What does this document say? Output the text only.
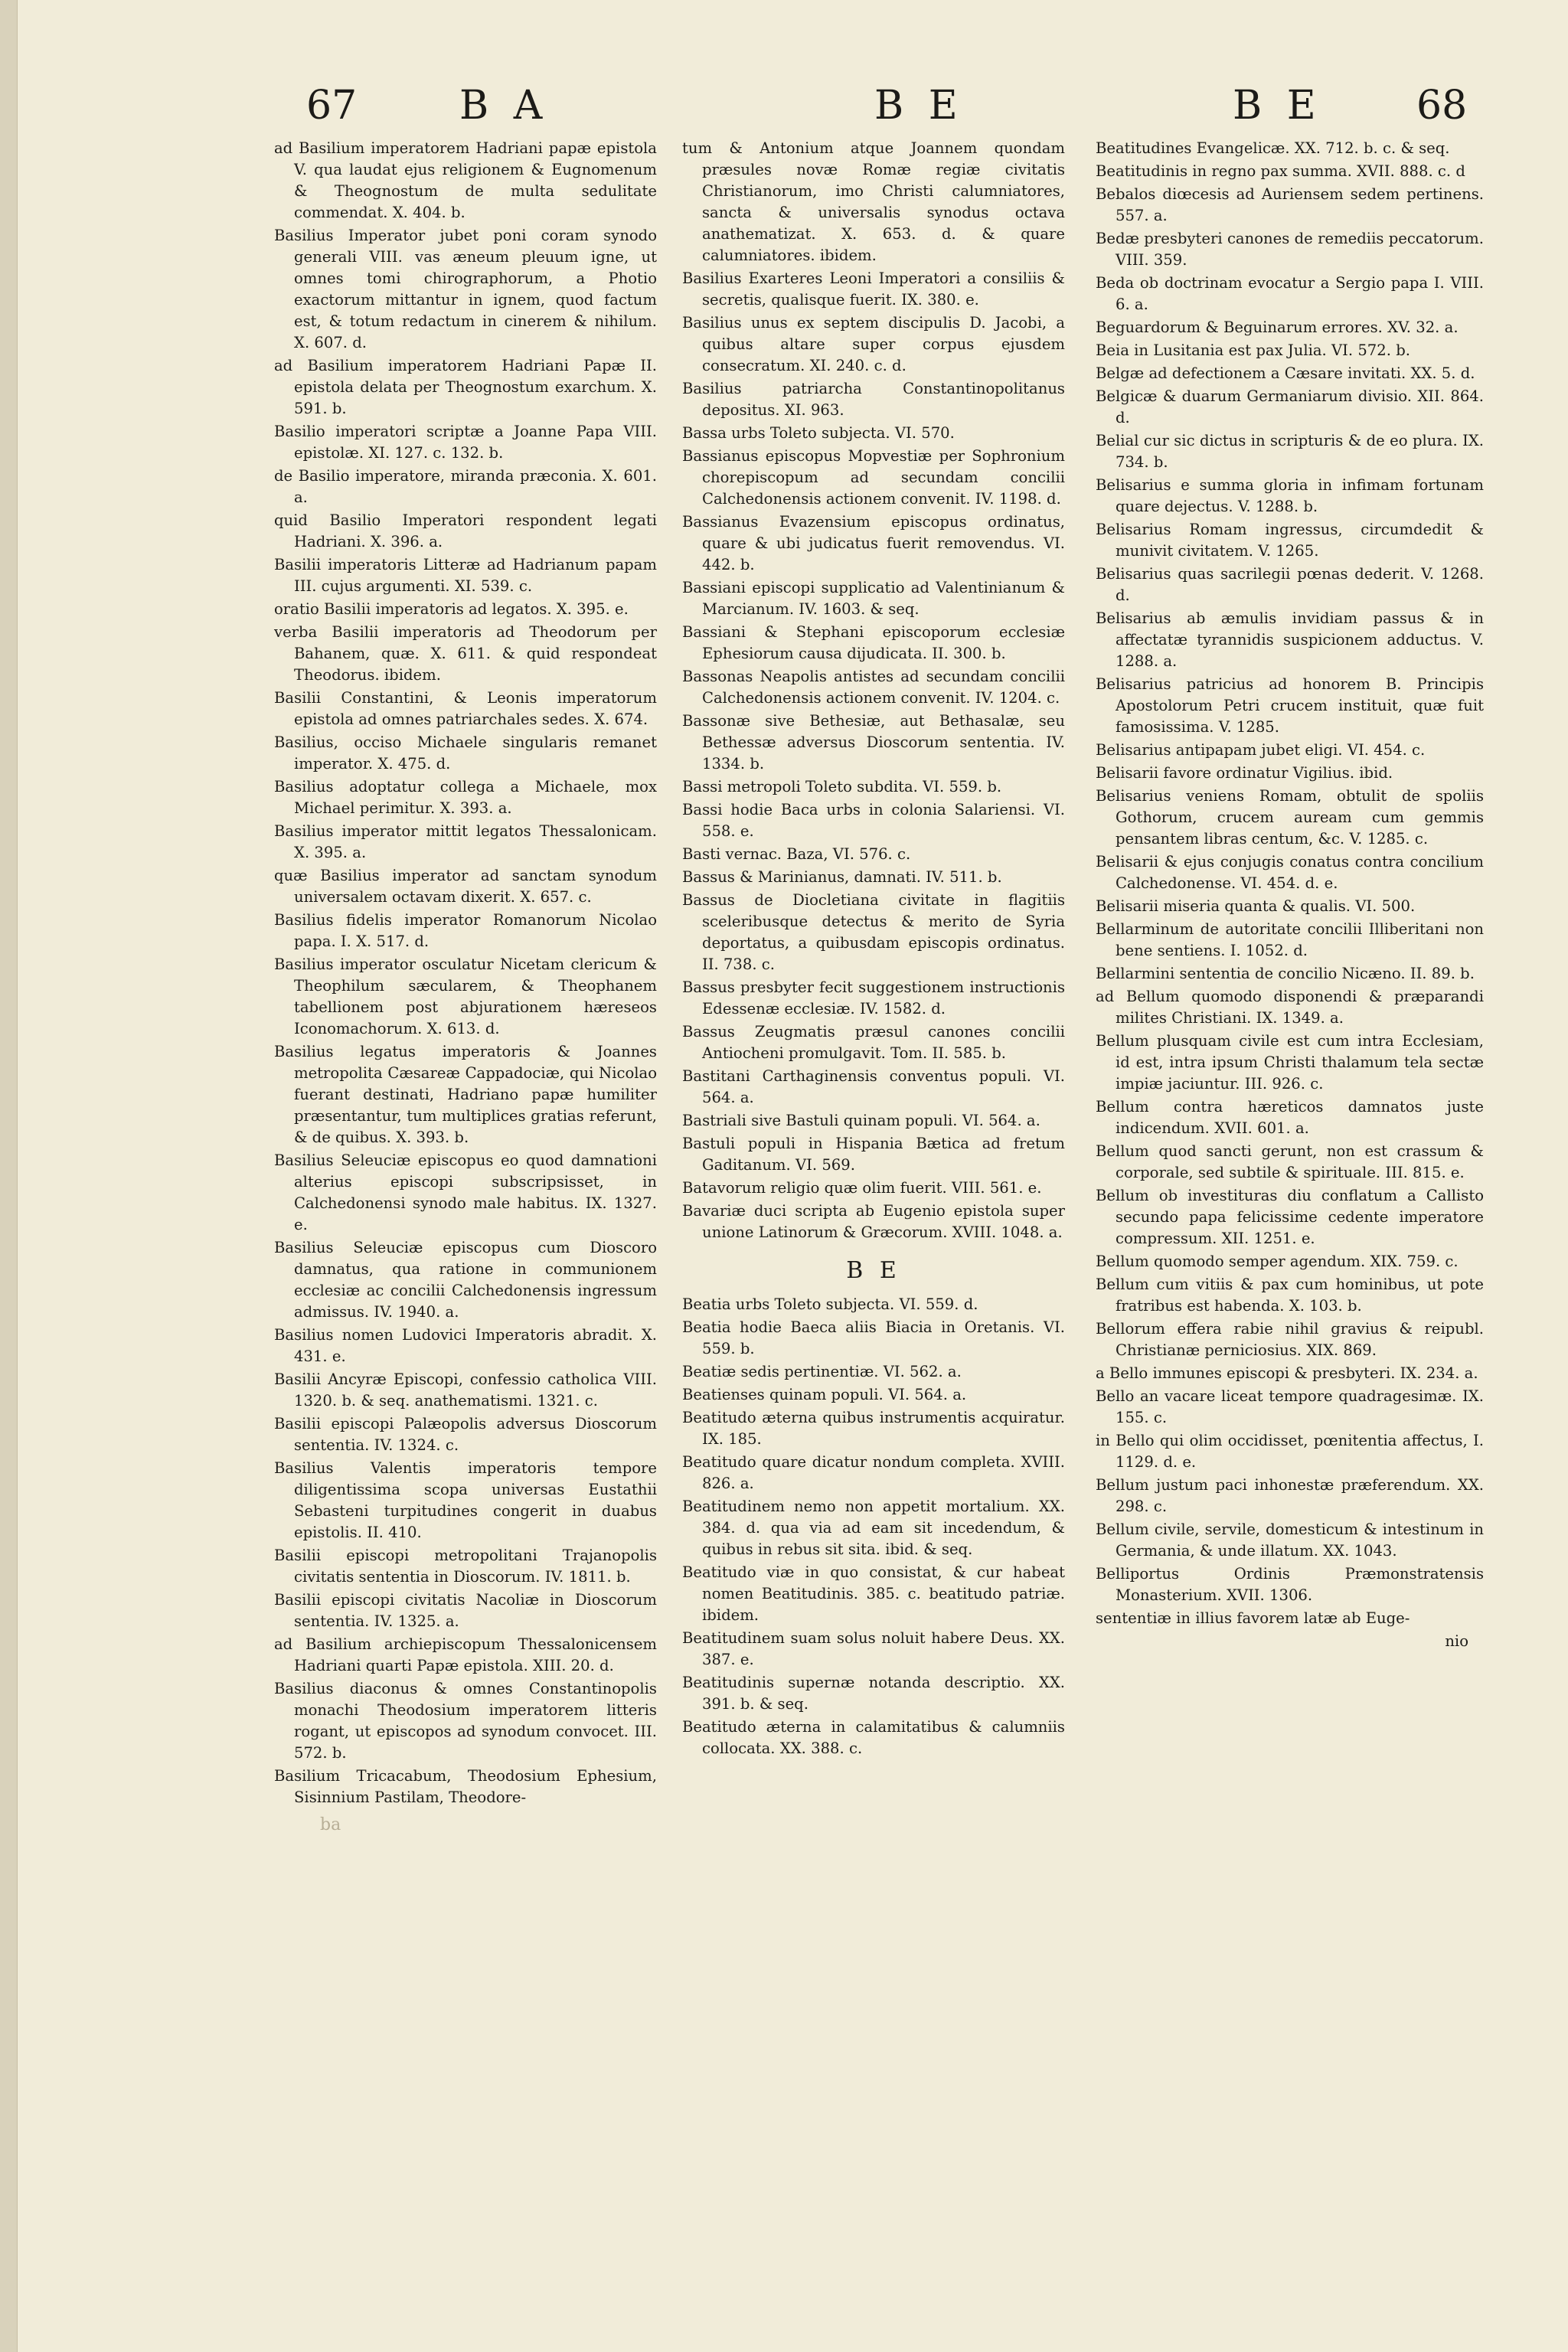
67	B A	B E	B E 68

ad Basilium imperatorem Hadriani papæ epistola V. qua laudat ejus religionem & Eugnomenum & Theognostum de multa sedulitate commendat. X. 404. b.

Basilius Imperator jubet poni coram synodo generali VIII. vas æneum pleuum igne, ut omnes tomi chirographorum, a Photio exactorum mittantur in ignem, quod factum est, & totum redactum in cinerem & nihilum. X. 607. d.

ad Basilium imperatorem Hadriani Papæ II. epistola delata per Theognostum exarchum. X. 591. b.

Basilio imperatori scriptæ a Joanne Papa VIII. epistolæ. XI. 127. c. 132. b.

de Basilio imperatore, miranda præconia. X. 601. a.

quid Basilio Imperatori respondent legati Hadriani. X. 396. a.

Basilii imperatoris Litteræ ad Hadrianum papam III. cujus argumenti. XI. 539. c.

oratio Basilii imperatoris ad legatos. X. 395. e.

verba Basilii imperatoris ad Theodorum per Bahanem, quæ. X. 611. & quid respondeat Theodorus. ibidem.

Basilii Constantini, & Leonis imperatorum epistola ad omnes patriarchales sedes. X. 674.

Basilius, occiso Michaele singularis remanet imperator. X. 475. d.

Basilius adoptatur collega a Michaele, mox Michael perimitur. X. 393. a.

Basilius imperator mittit legatos Thessalonicam. X. 395. a.

quæ Basilius imperator ad sanctam synodum universalem octavam dixerit. X. 657. c.

Basilius fidelis imperator Romanorum Nicolao papa. I. X. 517. d.

Basilius imperator osculatur Nicetam clericum & Theophilum sæcularem, & Theophanem tabellionem post abjurationem hæreseos Iconomachorum. X. 613. d.

Basilius legatus imperatoris & Joannes metropolita Cæsareæ Cappadociæ, qui Nicolao fuerant destinati, Hadriano papæ humiliter præsentantur, tum multiplices gratias referunt, & de quibus. X. 393. b.

Basilius Seleuciæ episcopus eo quod damnationi alterius episcopi subscripsisset, in Calchedonensi synodo male habitus. IX. 1327. e.

Basilius Seleuciæ episcopus cum Dioscoro damnatus, qua ratione in communionem ecclesiæ ac concilii Calchedonensis ingressum admissus. IV. 1940. a.

Basilius nomen Ludovici Imperatoris abradit. X. 431. e.

Basilii Ancyræ Episcopi, confessio catholica VIII. 1320. b. & seq. anathematismi. 1321. c.

Basilii episcopi Palæopolis adversus Dioscorum sententia. IV. 1324. c.

Basilius Valentis imperatoris tempore diligentissima scopa universas Eustathii Sebasteni turpitudines congerit in duabus epistolis. II. 410.

Basilii episcopi metropolitani Trajanopolis civitatis sententia in Dioscorum. IV. 1811. b.

Basilii episcopi civitatis Nacoliæ in Dioscorum sententia. IV. 1325. a.

ad Basilium archiepiscopum Thessalonicensem Hadriani quarti Papæ epistola. XIII. 20. d.

Basilius diaconus & omnes Constantinopolis monachi Theodosium imperatorem litteris rogant, ut episcopos ad synodum convocet. III. 572. b.

Basilium Tricacabum, Theodosium Ephesium, Sisinnium Pastilam, Theodore-

ba

tum & Antonium atque Joannem quondam præsules novæ Romæ regiæ civitatis Christianorum, imo Christi calumniatores, sancta & universalis synodus octava anathematizat. X. 653. d. & quare calumniatores. ibidem.

Basilius Exarteres Leoni Imperatori a consiliis & secretis, qualisque fuerit. IX. 380. e.

Basilius unus ex septem discipulis D. Jacobi, a quibus altare super corpus ejusdem consecratum. XI. 240. c. d.

Basilius patriarcha Constantinopolitanus depositus. XI. 963.

Bassa urbs Toleto subjecta. VI. 570.

Bassianus episcopus Mopvestiæ per Sophronium chorepiscopum ad secundam concilii Calchedonensis actionem convenit. IV. 1198. d.

Bassianus Evazensium episcopus ordinatus, quare & ubi judicatus fuerit removendus. VI. 442. b.

Bassiani episcopi supplicatio ad Valentinianum & Marcianum. IV. 1603. & seq.

Bassiani & Stephani episcoporum ecclesiæ Ephesiorum causa dijudicata. II. 300. b.

Bassonas Neapolis antistes ad secundam concilii Calchedonensis actionem convenit. IV. 1204. c.

Bassonæ sive Bethesiæ, aut Bethasalæ, seu Bethessæ adversus Dioscorum sententia. IV. 1334. b.

Bassi metropoli Toleto subdita. VI. 559. b.

Bassi hodie Baca urbs in colonia Salariensi. VI. 558. e.

Basti vernac. Baza, VI. 576. c.

Bassus & Marinianus, damnati. IV. 511. b.

Bassus de Diocletiana civitate in flagitiis sceleribusque detectus & merito de Syria deportatus, a quibusdam episcopis ordinatus. II. 738. c.

Bassus presbyter fecit suggestionem instructionis Edessenæ ecclesiæ. IV. 1582. d.

Bassus Zeugmatis præsul canones concilii Antiocheni promulgavit. Tom. II. 585. b.

Bastitani Carthaginensis conventus populi. VI. 564. a.

Bastriali sive Bastuli quinam populi. VI. 564. a.

Bastuli populi in Hispania Bætica ad fretum Gaditanum. VI. 569.

Batavorum religio quæ olim fuerit. VIII. 561. e.

Bavariæ duci scripta ab Eugenio epistola super unione Latinorum & Græcorum. XVIII. 1048. a.

B E

Beatia urbs Toleto subjecta. VI. 559. d.

Beatia hodie Baeca aliis Biacia in Oretanis. VI. 559. b.

Beatiæ sedis pertinentiæ. VI. 562. a.

Beatienses quinam populi. VI. 564. a.

Beatitudo æterna quibus instrumentis acquiratur. IX. 185.

Beatitudo quare dicatur nondum completa. XVIII. 826. a.

Beatitudinem nemo non appetit mortalium. XX. 384. d. qua via ad eam sit incedendum, & quibus in rebus sit sita. ibid. & seq.

Beatitudo viæ in quo consistat, & cur habeat nomen Beatitudinis. 385. c. beatitudo patriæ. ibidem.

Beatitudinem suam solus noluit habere Deus. XX. 387. e.

Beatitudinis supernæ notanda descriptio. XX. 391. b. & seq.

Beatitudo æterna in calamitatibus & calumniis collocata. XX. 388. c.

Beatitudines Evangelicæ. XX. 712. b. c. & seq.

Beatitudinis in regno pax summa. XVII. 888. c. d

Bebalos diœcesis ad Auriensem sedem pertinens. 557. a.

Bedæ presbyteri canones de remediis peccatorum. VIII. 359.

Beda ob doctrinam evocatur a Sergio papa I. VIII. 6. a.

Beguardorum & Beguinarum errores. XV. 32. a.

Beia in Lusitania est pax Julia. VI. 572. b.

Belgæ ad defectionem a Cæsare invitati. XX. 5. d.

Belgicæ & duarum Germaniarum divisio. XII. 864. d.

Belial cur sic dictus in scripturis & de eo plura. IX. 734. b.

Belisarius e summa gloria in infimam fortunam quare dejectus. V. 1288. b.

Belisarius Romam ingressus, circumdedit & munivit civitatem. V. 1265.

Belisarius quas sacrilegii pœnas dederit. V. 1268. d.

Belisarius ab æmulis invidiam passus & in affectatæ tyrannidis suspicionem adductus. V. 1288. a.

Belisarius patricius ad honorem B. Principis Apostolorum Petri crucem instituit, quæ fuit famosissima. V. 1285.

Belisarius antipapam jubet eligi. VI. 454. c.

Belisarii favore ordinatur Vigilius. ibid.

Belisarius veniens Romam, obtulit de spoliis Gothorum, crucem auream cum gemmis pensantem libras centum, &c. V. 1285. c.

Belisarii & ejus conjugis conatus contra concilium Calchedonense. VI. 454. d. e.

Belisarii miseria quanta & qualis. VI. 500.

Bellarminum de autoritate concilii Illiberitani non bene sentiens. I. 1052. d.

Bellarmini sententia de concilio Nicæno. II. 89. b.

ad Bellum quomodo disponendi & præparandi milites Christiani. IX. 1349. a.

Bellum plusquam civile est cum intra Ecclesiam, id est, intra ipsum Christi thalamum tela sectæ impiæ jaciuntur. III. 926. c.

Bellum contra hæreticos damnatos juste indicendum. XVII. 601. a.

Bellum quod sancti gerunt, non est crassum & corporale, sed subtile & spirituale. III. 815. e.

Bellum ob investituras diu conflatum a Callisto secundo papa felicissime cedente imperatore compressum. XII. 1251. e.

Bellum quomodo semper agendum. XIX. 759. c.

Bellum cum vitiis & pax cum hominibus, ut pote fratribus est habenda. X. 103. b.

Bellorum effera rabie nihil gravius & reipubl. Christianæ perniciosius. XIX. 869.

a Bello immunes episcopi & presbyteri. IX. 234. a.

Bello an vacare liceat tempore quadragesimæ. IX. 155. c.

in Bello qui olim occidisset, pœnitentia affectus, I. 1129. d. e.

Bellum justum paci inhonestæ præferendum. XX. 298. c.

Bellum civile, servile, domesticum & intestinum in Germania, & unde illatum. XX. 1043.

Belliportus Ordinis Præmonstratensis Monasterium. XVII. 1306.

sententiæ in illius favorem latæ ab Euge-

nio
